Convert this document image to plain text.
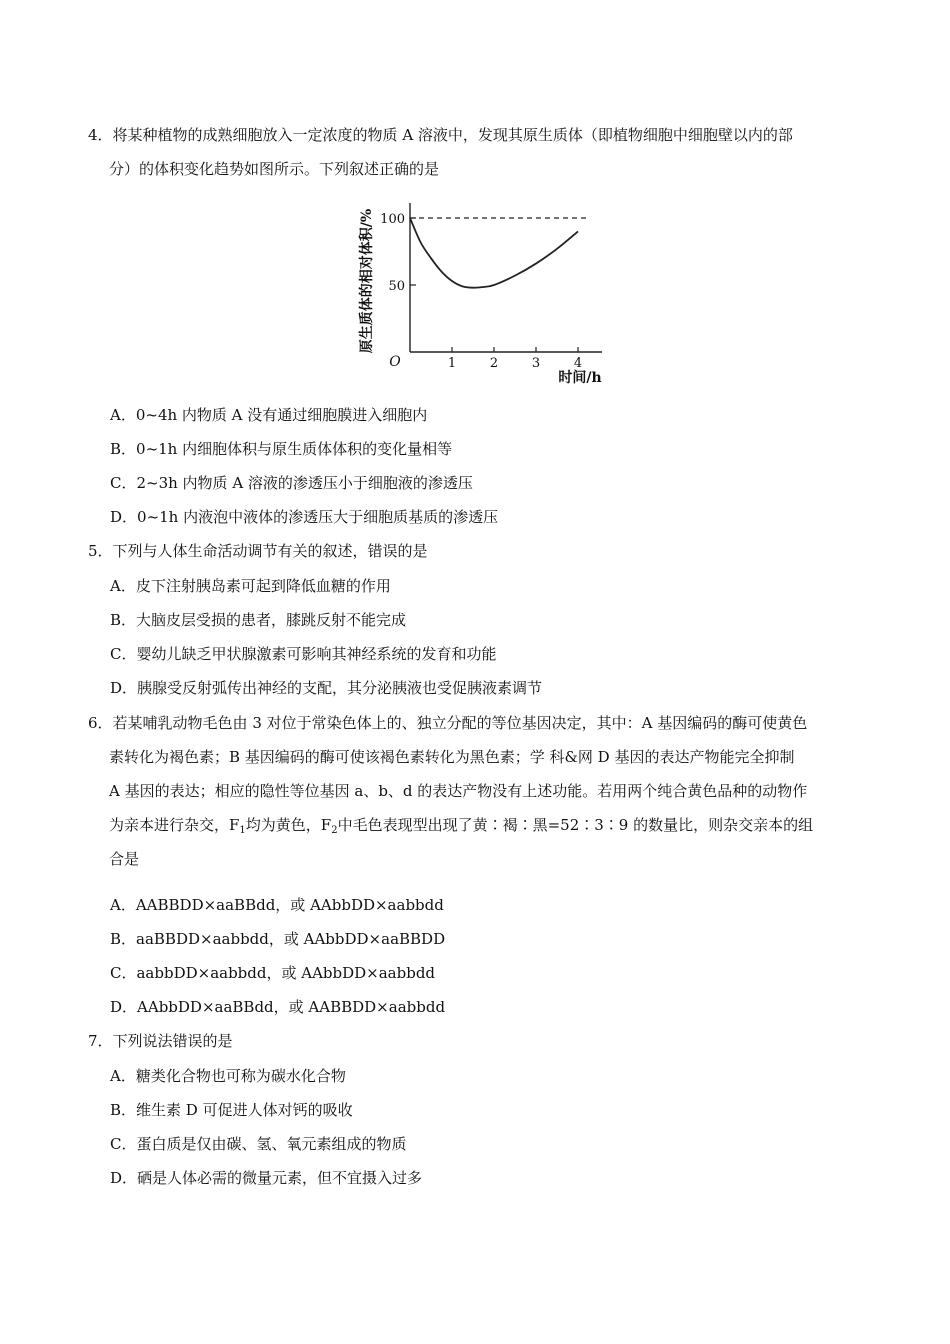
4．将某种植物的成熟细胞放入一定浓度的物质 A 溶液中，发现其原生质体（即植物细胞中细胞壁以内的部
分）的体积变化趋势如图所示。下列叙述正确的是
原生质体的相对体积/%
时间/h
O
50
100
1	2	3	4
A．0~4h 内物质 A 没有通过细胞膜进入细胞内
B．0~1h 内细胞体积与原生质体体积的变化量相等
C．2~3h 内物质 A 溶液的渗透压小于细胞液的渗透压
D．0~1h 内液泡中液体的渗透压大于细胞质基质的渗透压
5．下列与人体生命活动调节有关的叙述，错误的是
A．皮下注射胰岛素可起到降低血糖的作用
B．大脑皮层受损的患者，膝跳反射不能完成
C．婴幼儿缺乏甲状腺激素可影响其神经系统的发育和功能
D．胰腺受反射弧传出神经的支配，其分泌胰液也受促胰液素调节
6．若某哺乳动物毛色由 3 对位于常染色体上的、独立分配的等位基因决定，其中：A 基因编码的酶可使黄色
素转化为褐色素；B 基因编码的酶可使该褐色素转化为黑色素；学 科&网 D 基因的表达产物能完全抑制
A 基因的表达；相应的隐性等位基因 a、b、d 的表达产物没有上述功能。若用两个纯合黄色品种的动物作
为亲本进行杂交，$F_1$均为黄色，$F_2$中毛色表现型出现了黄∶褐∶黑=52∶3∶9 的数量比，则杂交亲本的组
合是
A．AABBDD×aaBBdd，或 AAbbDD×aabbdd
B．aaBBDD×aabbdd，或 AAbbDD×aaBBDD
C．aabbDD×aabbdd，或 AAbbDD×aabbdd
D．AAbbDD×aaBBdd，或 AABBDD×aabbdd
7．下列说法错误的是
A．糖类化合物也可称为碳水化合物
B．维生素 D 可促进人体对钙的吸收
C．蛋白质是仅由碳、氢、氧元素组成的物质
D．硒是人体必需的微量元素，但不宜摄入过多
